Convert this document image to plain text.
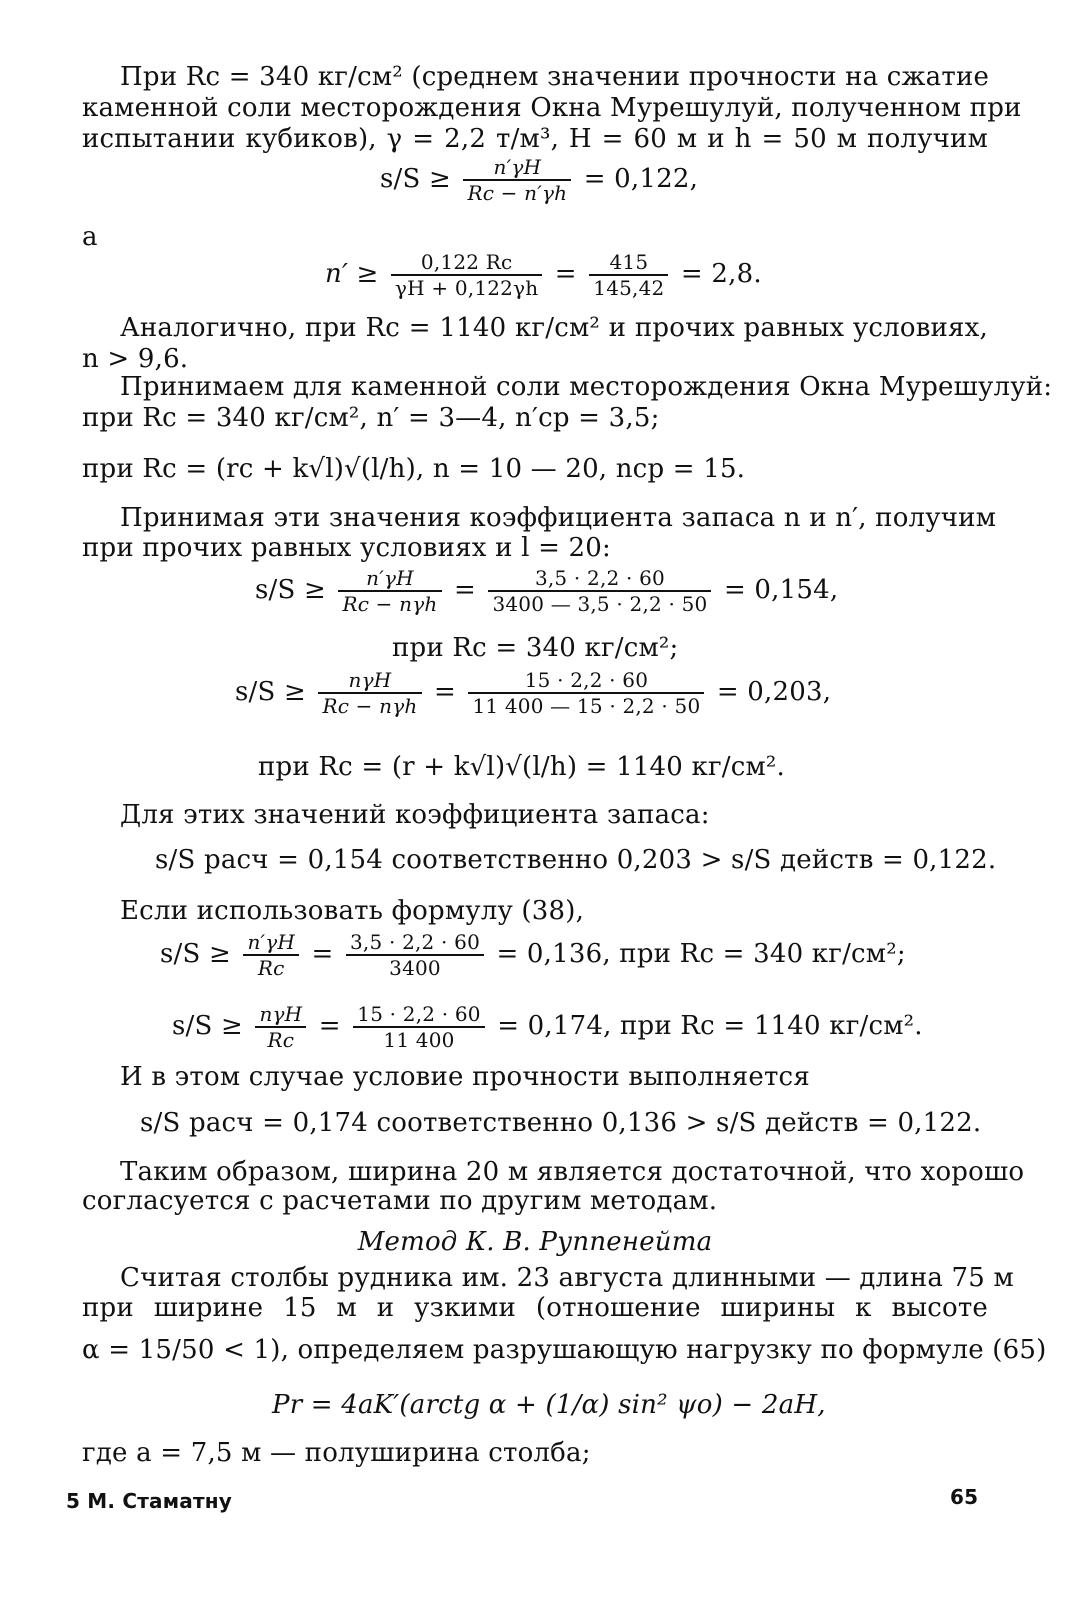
При Rс = 340 кг/см² (среднем значении прочности на сжатие

каменной соли месторождения Окна Мурешулуй, полученном при

испытании кубиков), γ = 2,2 т/м³, H = 60 м и h = 50 м получим

$s/S \ge \frac{n'\gamma H}{Rс - n'\gamma h} = 0,122$,

а

$n' \ge \frac{0,122 Rс}{\gamma H + 0,122\gamma h} = \frac{415}{145,42} = 2,8$.

Аналогично, при Rс = 1140 кг/см² и прочих равных условиях,

n > 9,6.

Принимаем для каменной соли месторождения Окна Мурешулуй:

при Rс = 340 кг/см², n′ = 3—4, n′ср = 3,5;

при Rс = (rс + k√l)√(l/h), n = 10 — 20, nср = 15.

Принимая эти значения коэффициента запаса n и n′, получим

при прочих равных условиях и l = 20:

$s/S \ge \frac{n'\gamma H}{\text{Rс − nγh}} = \frac{3,5 \cdot 2,2 \cdot 60}{3400 — 3,5 \cdot 2,2 \cdot 50} = 0,154$,

при Rс = 340 кг/см²;

$s/S \ge \frac{\text{nγH}}{\text{Rс − nγh}} = \frac{15 \cdot 2,2 \cdot 60}{11 400 — 15 \cdot 2,2 \cdot 50} = 0,203$,

при Rс = (r + k√l)√(l/h) = 1140 кг/см².

Для этих значений коэффициента запаса:

s/S расч = 0,154 соответственно 0,203 > s/S действ = 0,122.

Если использовать формулу (38),

$s/S \ge \frac{n'\gamma H}{Rс} = \frac{3,5 \cdot 2,2 \cdot 60}{3400} = 0,136$, при Rс = 340 кг/см²;
$s/S \ge \frac{\text{nγH}}{Rс} = \frac{15 \cdot 2,2 \cdot 60}{11 400} = 0,174$, при Rс = 1140 кг/см².

И в этом случае условие прочности выполняется

s/S расч = 0,174 соответственно 0,136 > s/S действ = 0,122.

Таким образом, ширина 20 м является достаточной, что хорошо

согласуется с расчетами по другим методам.

Метод К. В. Руппенейта

Считая столбы рудника им. 23 августа длинными — длина 75 м

при ширине 15 м и узкими (отношение ширины к высоте

α = 15/50 < 1), определяем разрушающую нагрузку по формуле (65)

Pr = 4aK′(arctg α + (1/α) sin² ψо) − 2aH,

где a = 7,5 м — полуширина столба;

5 М. Стаматну	65
